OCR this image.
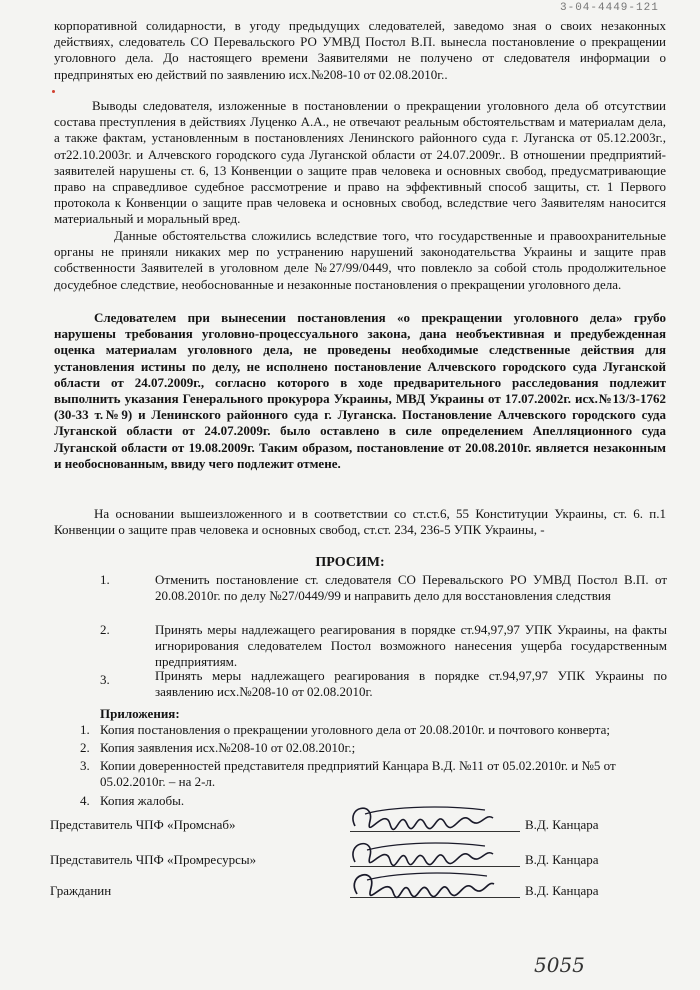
3-04-4449-121
корпоративной солидарности, в угоду предыдущих следователей, заведомо зная о своих незаконных действиях, следователь СО Перевальского РО УМВД Постол В.П. вынесла постановление о прекращении уголовного дела. До настоящего времени Заявителями не получено от следователя информации о предпринятых ею действий по заявлению исх.№208-10 от 02.08.2010г..
Выводы следователя, изложенные в постановлении о прекращении уголовного дела об отсутствии состава преступления в действиях Луценко А.А., не отвечают реальным обстоятельствам и материалам дела, а также фактам, установленным в постановлениях Ленинского районного суда г. Луганска от 05.12.2003г., от22.10.2003г. и Алчевского городского суда Луганской области от 24.07.2009г.. В отношении предприятий-заявителей нарушены ст. 6, 13 Конвенции о защите прав человека и основных свобод, предусматривающие право на справедливое судебное рассмотрение и право на эффективный способ защиты, ст. 1 Первого протокола к Конвенции о защите прав человека и основных свобод, вследствие чего Заявителям наносится материальный и моральный вред.
Данные обстоятельства сложились вследствие того, что государственные и правоохранительные органы не приняли никаких мер по устранению нарушений законодательства Украины и защите прав собственности Заявителей в уголовном деле №27/99/0449, что повлекло за собой столь продолжительное досудебное следствие, необоснованные и незаконные постановления о прекращении уголовного дела.
Следователем при вынесении постановления «о прекращении уголовного дела» грубо нарушены требования уголовно-процессуального закона, дана необъективная и предубежденная оценка материалам уголовного дела, не проведены необходимые следственные действия для установления истины по делу, не исполнено постановление Алчевского городского суда Луганской области от 24.07.2009г., согласно которого в ходе предварительного расследования подлежит выполнить указания Генерального прокурора Украины, МВД Украины от 17.07.2002г. исх.№13/3-1762 (30-33 т.№9) и Ленинского районного суда г. Луганска. Постановление Алчевского городского суда Луганской области от 24.07.2009г. было оставлено в силе определением Апелляционного суда Луганской области от 19.08.2009г. Таким образом, постановление от 20.08.2010г. является незаконным и необоснованным, ввиду чего подлежит отмене.
На основании вышеизложенного и в соответствии со ст.ст.6, 55 Конституции Украины, ст. 6. п.1 Конвенции о защите прав человека и основных свобод, ст.ст. 234, 236-5 УПК Украины, -
ПРОСИМ:
1.	Отменить постановление ст. следователя СО Перевальского РО УМВД Постол В.П. от 20.08.2010г. по делу №27/0449/99 и направить дело для восстановления следствия
2.	Принять меры надлежащего реагирования в порядке ст.94,97,97 УПК Украины, на факты игнорирования следователем Постол возможного нанесения ущерба государственным предприятиям.
3.	Принять меры надлежащего реагирования в порядке ст.94,97,97 УПК Украины по заявлению исх.№208-10 от 02.08.2010г.
Приложения:
1. Копия постановления о прекращении уголовного дела от 20.08.2010г. и почтового конверта;
2. Копия заявления исх.№208-10 от 02.08.2010г.;
3. Копии доверенностей представителя предприятий Канцара В.Д. №11 от 05.02.2010г. и №5 от 05.02.2010г. – на 2-л.
4. Копия жалобы.
Представитель ЧПФ «Промснаб»	В.Д. Канцара
Представитель ЧПФ «Промресурсы»	В.Д. Канцара
Гражданин	В.Д. Канцара
5055
